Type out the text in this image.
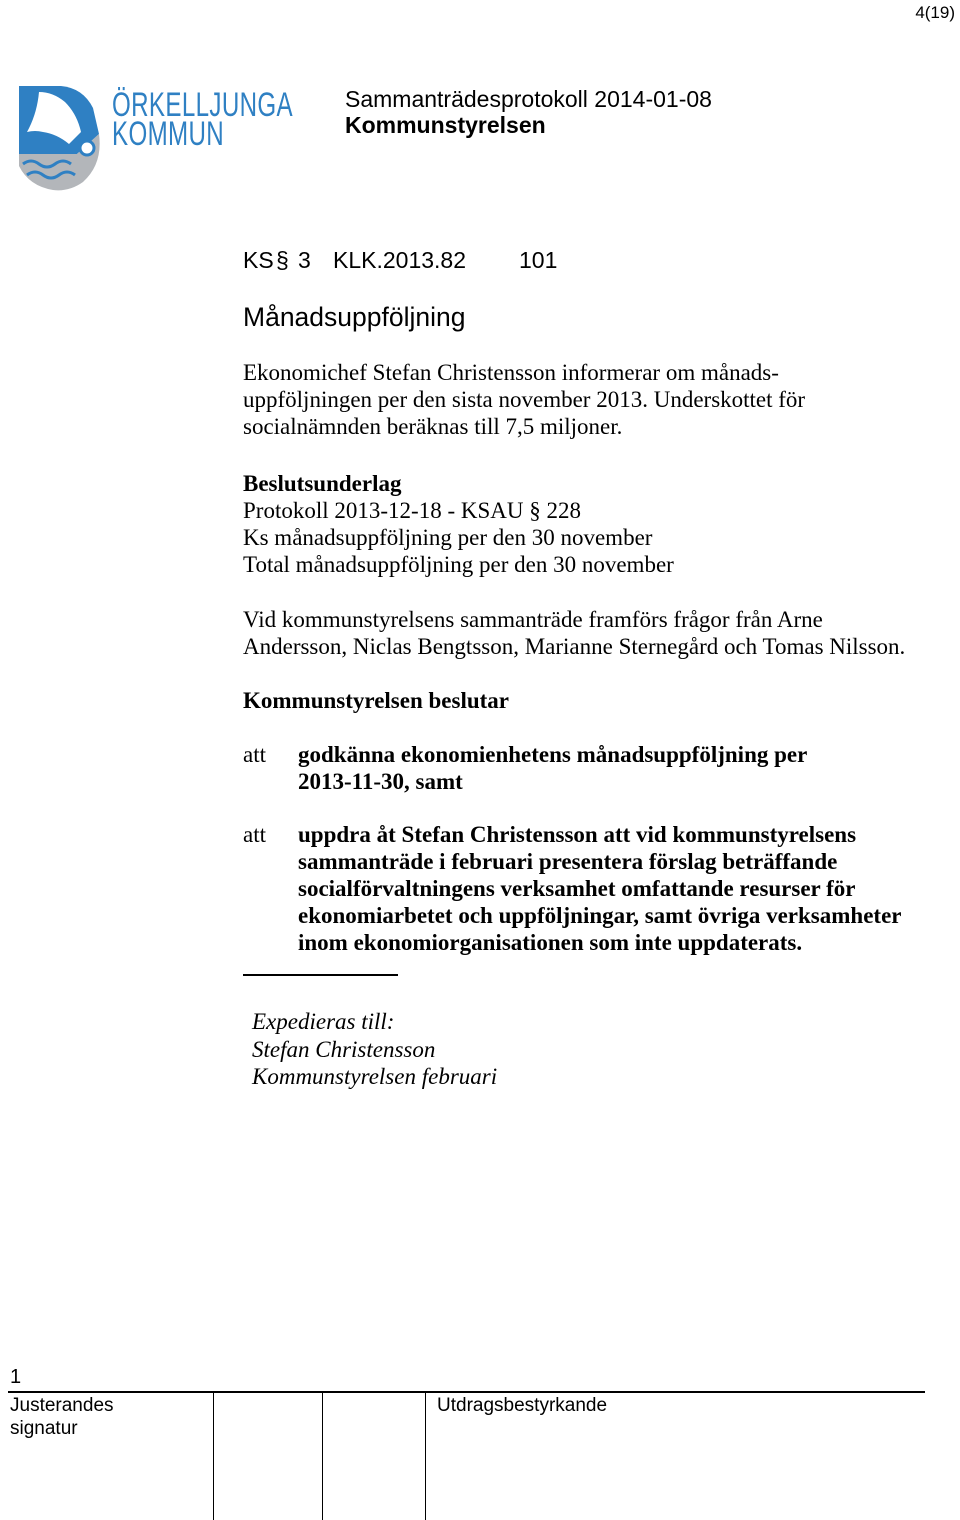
4(19)
ÖRKELLJUNGA
KOMMUN
Sammanträdesprotokoll 2014-01-08
Kommunstyrelsen
KS § 3 KLK.2013.82 101
Månadsuppföljning
Ekonomichef Stefan Christensson informerar om månads-
uppföljningen per den sista november 2013. Underskottet för
socialnämnden beräknas till 7,5 miljoner.
Beslutsunderlag
Protokoll 2013-12-18 - KSAU § 228
Ks månadsuppföljning per den 30 november
Total månadsuppföljning per den 30 november
Vid kommunstyrelsens sammanträde framförs frågor från Arne
Andersson, Niclas Bengtsson, Marianne Sternegård och Tomas Nilsson.
Kommunstyrelsen beslutar
att godkänna ekonomienhetens månadsuppföljning per
2013-11-30, samt
att uppdra åt Stefan Christensson att vid kommunstyrelsens
sammanträde i februari presentera förslag beträffande
socialförvaltningens verksamhet omfattande resurser för
ekonomiarbetet och uppföljningar, samt övriga verksamheter
inom ekonomiorganisationen som inte uppdaterats.
Expedieras till:
Stefan Christensson
Kommunstyrelsen februari
1
Justerandes
signatur
Utdragsbestyrkande
